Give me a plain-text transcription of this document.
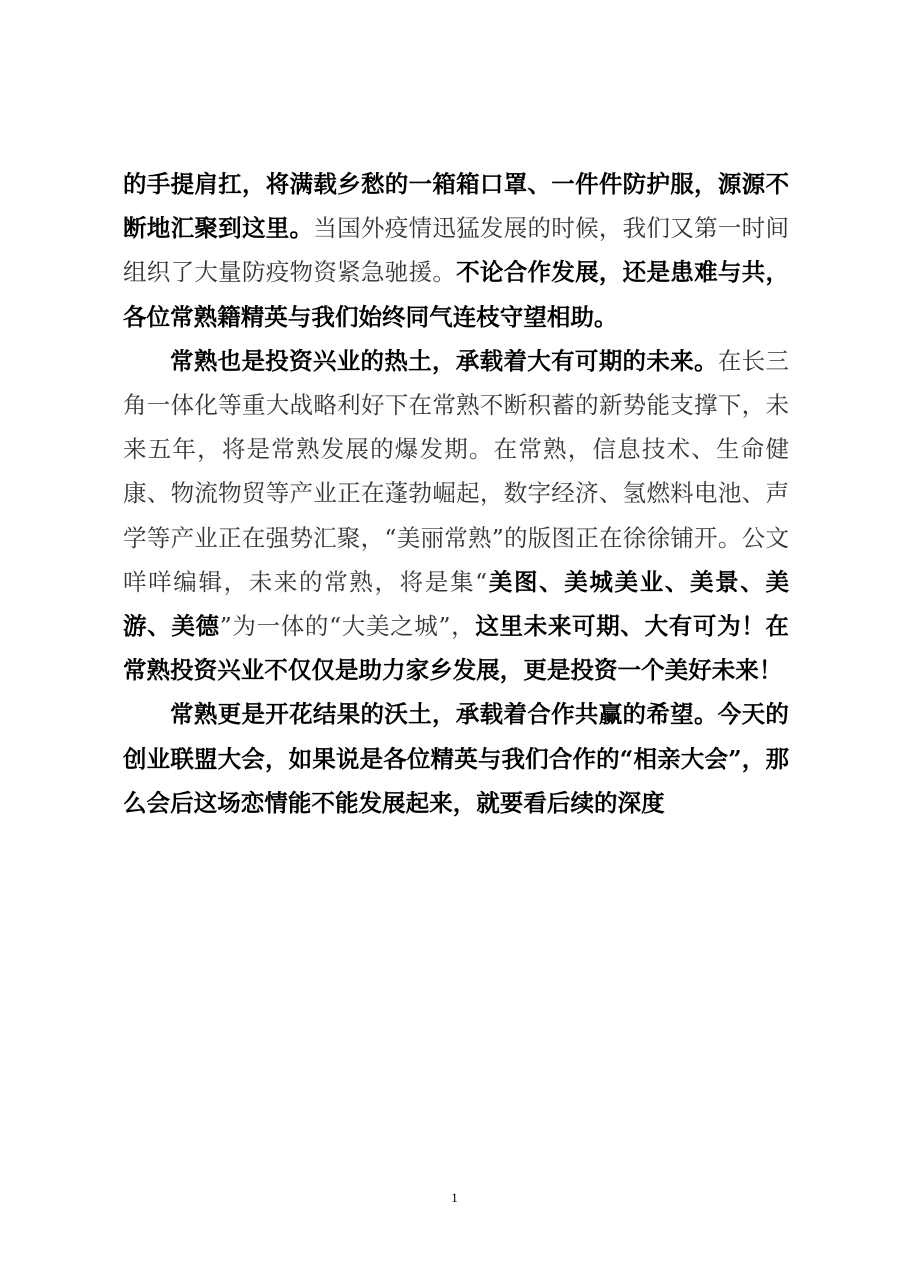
的手提肩扛，将满载乡愁的一箱箱口罩、一件件防护服，源源不断地汇聚到这里。当国外疫情迅猛发展的时候，我们又第一时间组织了大量防疫物资紧急驰援。不论合作发展，还是患难与共，各位常熟籍精英与我们始终同气连枝守望相助。

常熟也是投资兴业的热土，承载着大有可期的未来。在长三角一体化等重大战略利好下在常熟不断积蓄的新势能支撑下，未来五年，将是常熟发展的爆发期。在常熟，信息技术、生命健康、物流物贸等产业正在蓬勃崛起，数字经济、氢燃料电池、声学等产业正在强势汇聚，“美丽常熟”的版图正在徐徐铺开。公文咩咩编辑，未来的常熟，将是集“美图、美城美业、美景、美游、美德”为一体的“大美之城”，这里未来可期、大有可为！在常熟投资兴业不仅仅是助力家乡发展，更是投资一个美好未来！

常熟更是开花结果的沃土，承载着合作共赢的希望。今天的创业联盟大会，如果说是各位精英与我们合作的“相亲大会”，那么会后这场恋情能不能发展起来，就要看后续的深度

1
